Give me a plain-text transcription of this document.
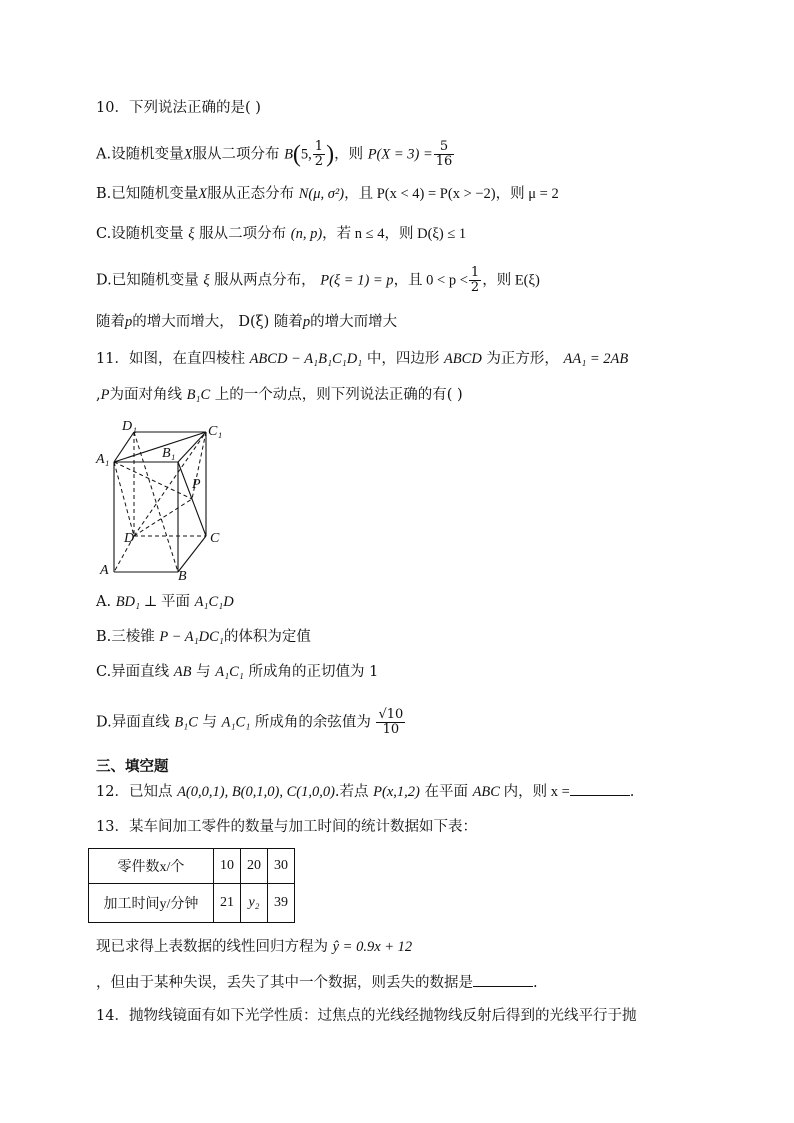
10．下列说法正确的是( )
A.设随机变量X服从二项分布 B(5, $\frac{1}{2}$ )，则 $P(X = 3) = \frac{5}{16}$
B.已知随机变量X服从正态分布 N(μ, σ²)，且 P(x < 4) = P(x > −2)，则 μ = 2
C.设随机变量 ξ 服从二项分布 (n, p)，若 n ≤ 4，则 D(ξ) ≤ 1
D.已知随机变量 ξ 服从两点分布， P(ξ = 1) = p，且 $0 < p < \frac{1}{2}$ ，则 E(ξ)
随着p的增大而增大， D(ξ) 随着p的增大而增大
11．如图，在直四棱柱 ABCD − A₁B₁C₁D₁ 中，四边形 ABCD 为正方形， AA₁ = 2AB
,P为面对角线 B₁C 上的一个动点，则下列说法正确的有( )
D₁	C₁
A₁	B₁
P
D	C
A	B
A. BD₁ ⊥ 平面 A₁C₁D
B.三棱锥 P − A₁DC₁的体积为定值
C.异面直线 AB 与 A₁C₁ 所成角的正切值为 1
D.异面直线 B₁C 与 A₁C₁ 所成角的余弦值为 $\frac{√10}{10}$
三、填空题
12．已知点 A(0,0,1), B(0,1,0), C(1,0,0).若点 P(x,1,2) 在平面 ABC 内，则 x =	.
13．某车间加工零件的数量与加工时间的统计数据如下表：
零件数x/个	10	20	30
加工时间y/分钟	21	y₂	39
现已求得上表数据的线性回归方程为 ŷ = 0.9x + 12
，但由于某种失误，丢失了其中一个数据，则丢失的数据是	.
14．抛物线镜面有如下光学性质：过焦点的光线经抛物线反射后得到的光线平行于抛
